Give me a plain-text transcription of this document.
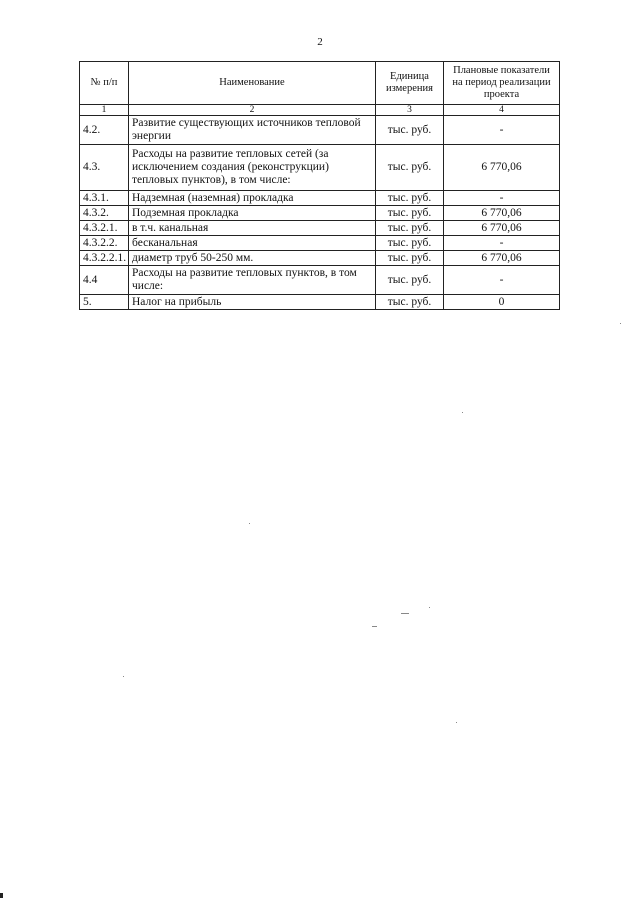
2
№ п/п	Наименование	Единица измерения	Плановые показатели на период реализации проекта
1	2	3	4
4.2.	Развитие существующих источников тепловой энергии	тыс. руб.	-
4.3.	Расходы на развитие тепловых сетей (за исключением создания (реконструкции) тепловых пунктов), в том числе:	тыс. руб.	6 770,06
4.3.1.	Надземная (наземная) прокладка	тыс. руб.	-
4.3.2.	Подземная прокладка	тыс. руб.	6 770,06
4.3.2.1.	в т.ч. канальная	тыс. руб.	6 770,06
4.3.2.2.	бесканальная	тыс. руб.	-
4.3.2.2.1.	диаметр труб 50-250 мм.	тыс. руб.	6 770,06
4.4	Расходы на развитие тепловых пунктов, в том числе:	тыс. руб.	-
5.	Налог на прибыль	тыс. руб.	0
